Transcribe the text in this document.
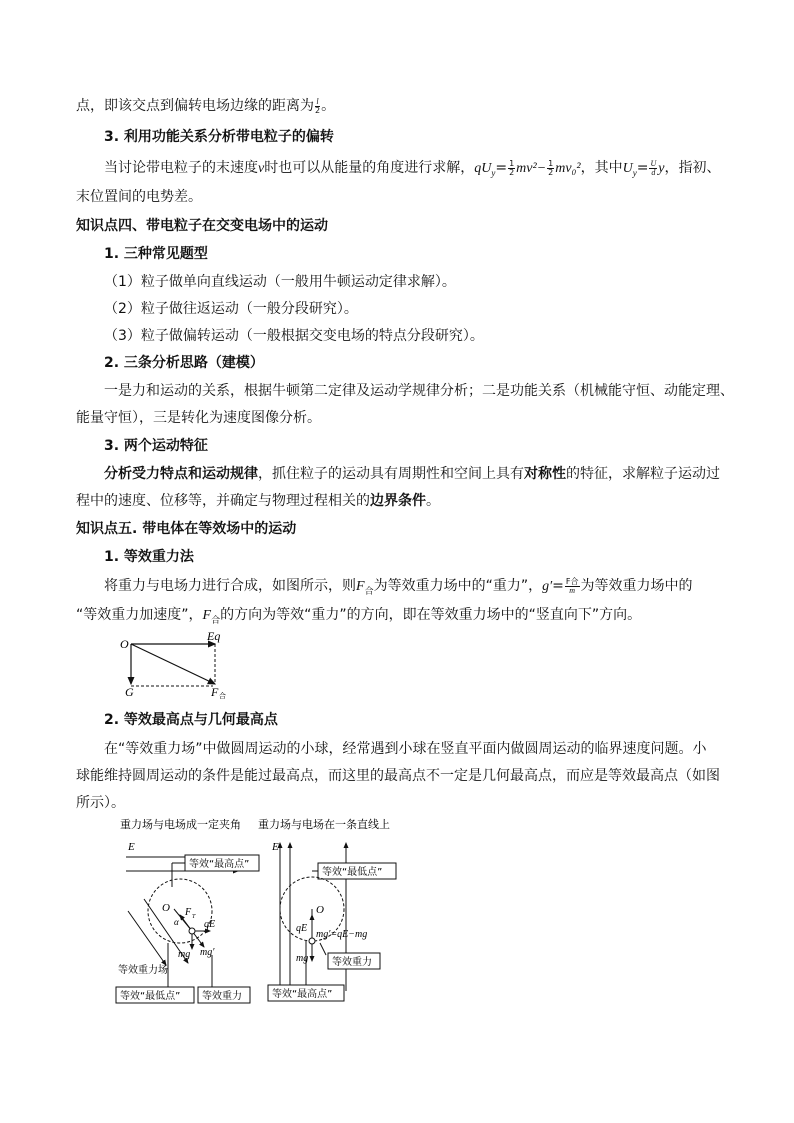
点，即该交点到偏转电场边缘的距离为 $\frac{l}{2}$ 。
3. 利用功能关系分析带电粒子的偏转
当讨论带电粒子的末速度v时也可以从能量的角度进行求解，$qU_y= \frac{1}{2} mv^2- \frac{1}{2} mv_0^2$，其中$U_y= \frac{U}{d}$ y，指初、
末位置间的电势差。
知识点四、带电粒子在交变电场中的运动
1. 三种常见题型
（1）粒子做单向直线运动（一般用牛顿运动定律求解）。
（2）粒子做往返运动（一般分段研究）。
（3）粒子做偏转运动（一般根据交变电场的特点分段研究）。
2. 三条分析思路（建模）
一是力和运动的关系，根据牛顿第二定律及运动学规律分析；二是功能关系（机械能守恒、动能定理、
能量守恒），三是转化为速度图像分析。
3. 两个运动特征
分析受力特点和运动规律，抓住粒子的运动具有周期性和空间上具有对称性的特征，求解粒子运动过
程中的速度、位移等，并确定与物理过程相关的边界条件。
知识点五. 带电体在等效场中的运动
1. 等效重力法
将重力与电场力进行合成，如图所示，则$F_合$为等效重力场中的“重力”，$g'= \frac{\text{F合}}{m}$ 为等效重力场中的
“等效重力加速度”，$F_合$的方向为等效“重力”的方向，即在等效重力场中的“竖直向下”方向。
O
Eq
G	F 合
2. 等效最高点与几何最高点
在“等效重力场”中做圆周运动的小球，经常遇到小球在竖直平面内做圆周运动的临界速度问题。小
球能维持圆周运动的条件是能过最高点，而这里的最高点不一定是几何最高点，而应是等效最高点（如图
所示）。
重力场与电场成一定夹角 重力场与电场在一条直线上
E
等效“最高点”
O
α
F T
qE
mg mg′
等效重力场
等效“最低点” 等效重力
E
等效“最低点”
O
qE
mg′=qE−mg
mg 等效重力
等效“最高点”
